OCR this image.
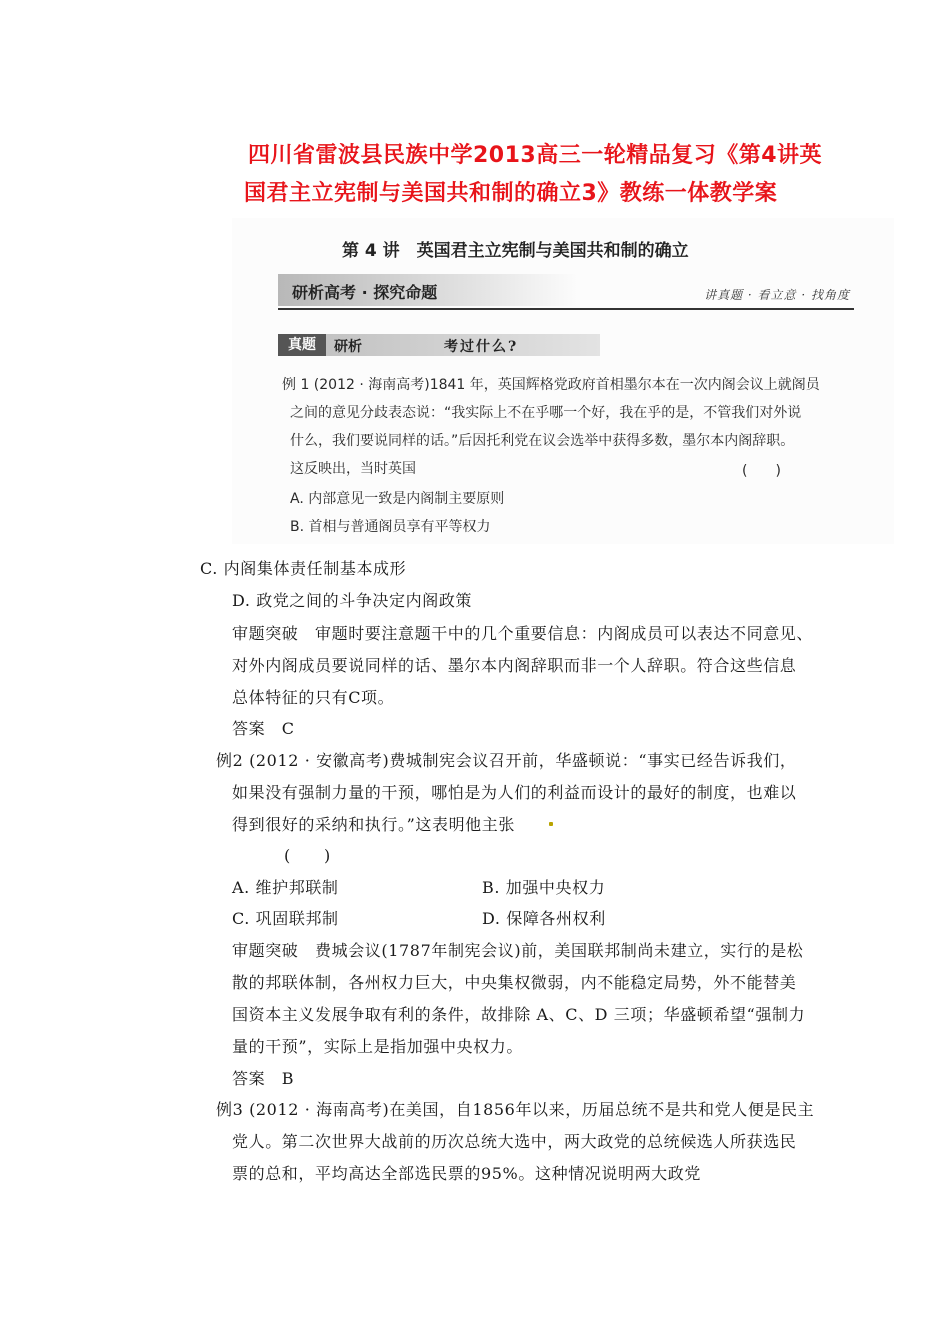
四川省雷波县民族中学2013高三一轮精品复习《第4讲英
国君主立宪制与美国共和制的确立3》教练一体教学案
第 4 讲　英国君主立宪制与美国共和制的确立
研析高考 · 探究命题	讲真题 · 看立意 · 找角度
真题	研析	考过什么?
例 1 (2012 · 海南高考)1841 年，英国辉格党政府首相墨尔本在一次内阁会议上就阁员
之间的意见分歧表态说：“我实际上不在乎哪一个好，我在乎的是，不管我们对外说
什么，我们要说同样的话。”后因托利党在议会选举中获得多数，墨尔本内阁辞职。
这反映出，当时英国	(　　)
A. 内部意见一致是内阁制主要原则
B. 首相与普通阁员享有平等权力
C. 内阁集体责任制基本成形
D. 政党之间的斗争决定内阁政策
审题突破　审题时要注意题干中的几个重要信息：内阁成员可以表达不同意见、
对外内阁成员要说同样的话、墨尔本内阁辞职而非一个人辞职。符合这些信息
总体特征的只有C项。
答案　C
例2 (2012 · 安徽高考)费城制宪会议召开前，华盛顿说：“事实已经告诉我们，
如果没有强制力量的干预，哪怕是为人们的利益而设计的最好的制度，也难以
得到很好的采纳和执行。”这表明他主张
(　　)
A. 维护邦联制	B. 加强中央权力
C. 巩固联邦制	D. 保障各州权利
审题突破　费城会议(1787年制宪会议)前，美国联邦制尚未建立，实行的是松
散的邦联体制，各州权力巨大，中央集权微弱，内不能稳定局势，外不能替美
国资本主义发展争取有利的条件，故排除 A、C、D 三项；华盛顿希望“强制力
量的干预”，实际上是指加强中央权力。
答案　B
例3 (2012 · 海南高考)在美国，自1856年以来，历届总统不是共和党人便是民主
党人。第二次世界大战前的历次总统大选中，两大政党的总统候选人所获选民
票的总和，平均高达全部选民票的95%。这种情况说明两大政党
